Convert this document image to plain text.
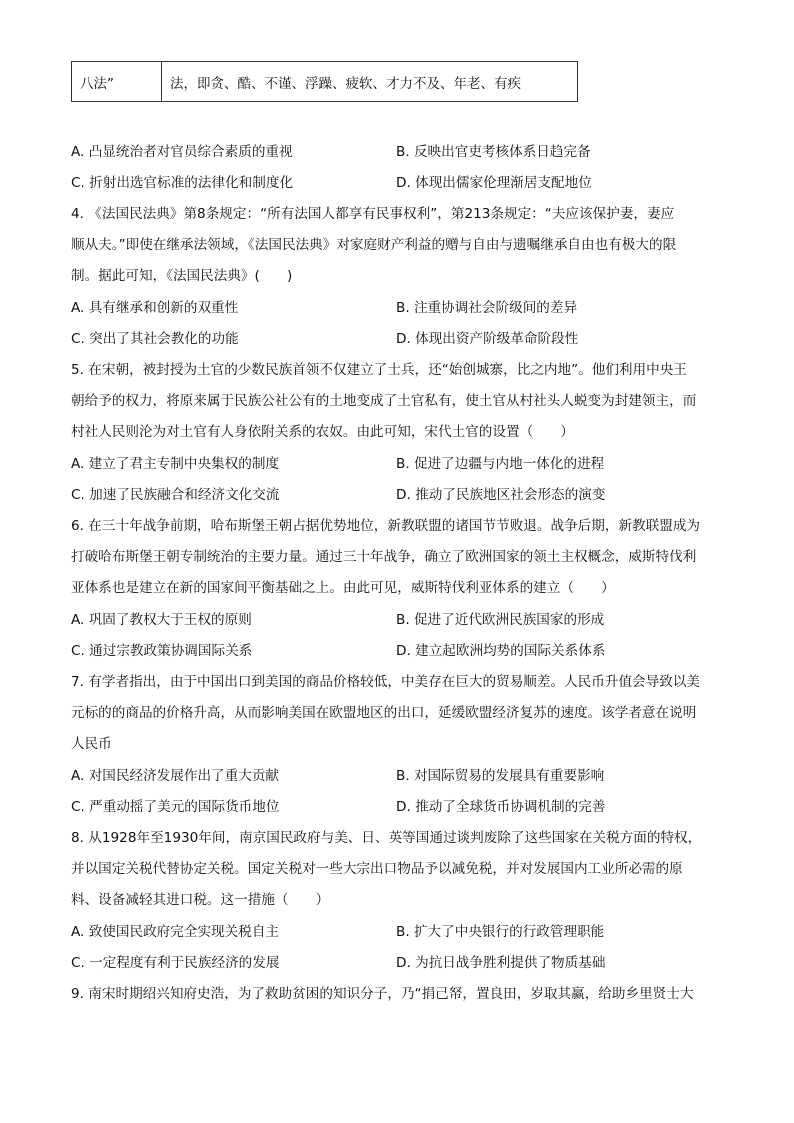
八法”	法，即贪、酷、不谨、浮躁、疲软、才力不及、年老、有疾
A. 凸显统治者对官员综合素质的重视	B. 反映出官吏考核体系日趋完备
C. 折射出选官标准的法律化和制度化	D. 体现出儒家伦理渐居支配地位
4. 《法国民法典》第8条规定：“所有法国人都享有民事权利”，第213条规定：“夫应该保护妻，妻应
顺从夫。”即使在继承法领域，《法国民法典》对家庭财产利益的赠与自由与遗嘱继承自由也有极大的限
制。据此可知，《法国民法典》(　　)
A. 具有继承和创新的双重性	B. 注重协调社会阶级间的差异
C. 突出了其社会教化的功能	D. 体现出资产阶级革命阶段性
5. 在宋朝，被封授为土官的少数民族首领不仅建立了士兵，还“始创城寨，比之内地”。他们利用中央王
朝给予的权力，将原来属于民族公社公有的土地变成了土官私有，使土官从村社头人蜕变为封建领主，而
村社人民则沦为对土官有人身依附关系的农奴。由此可知，宋代土官的设置（　　）
A. 建立了君主专制中央集权的制度	B. 促进了边疆与内地一体化的进程
C. 加速了民族融合和经济文化交流	D. 推动了民族地区社会形态的演变
6. 在三十年战争前期，哈布斯堡王朝占据优势地位，新教联盟的诸国节节败退。战争后期，新教联盟成为
打破哈布斯堡王朝专制统治的主要力量。通过三十年战争，确立了欧洲国家的领土主权概念，威斯特伐利
亚体系也是建立在新的国家间平衡基础之上。由此可见，威斯特伐利亚体系的建立（　　）
A. 巩固了教权大于王权的原则	B. 促进了近代欧洲民族国家的形成
C. 通过宗教政策协调国际关系	D. 建立起欧洲均势的国际关系体系
7. 有学者指出，由于中国出口到美国的商品价格较低，中美存在巨大的贸易顺差。人民币升值会导致以美
元标的的商品的价格升高，从而影响美国在欧盟地区的出口，延缓欧盟经济复苏的速度。该学者意在说明
人民币
A. 对国民经济发展作出了重大贡献	B. 对国际贸易的发展具有重要影响
C. 严重动摇了美元的国际货币地位	D. 推动了全球货币协调机制的完善
8. 从1928年至1930年间，南京国民政府与美、日、英等国通过谈判废除了这些国家在关税方面的特权，
并以国定关税代替协定关税。国定关税对一些大宗出口物品予以减免税，并对发展国内工业所必需的原
料、设备减轻其进口税。这一措施（　　）
A. 致使国民政府完全实现关税自主	B. 扩大了中央银行的行政管理职能
C. 一定程度有利于民族经济的发展	D. 为抗日战争胜利提供了物质基础
9. 南宋时期绍兴知府史浩，为了救助贫困的知识分子，乃“捐己帑，置良田，岁取其赢，给助乡里贤士大
